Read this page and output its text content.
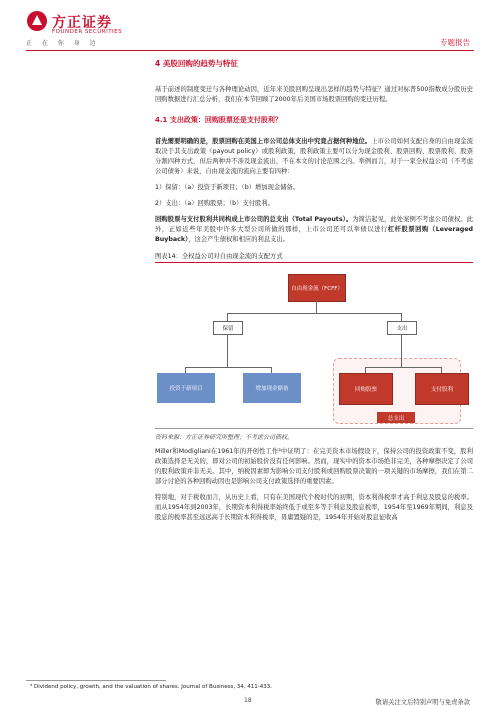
方正证券
FOUNDER SECURITIES
正 在 你 身 边	专题报告
4 美股回购的趋势与特征

基于前述的制度变迁与各种理论动因，近年来美股回购呈现出怎样的趋势与特征？通过对标普500指数成分股历史回购数据进行汇总分析，我们在本节回顾了2000年后美国市场股票回购的变迁历程。

4.1 支出政策：回购股票还是支付股利？

首先需要明确的是，股票回购在美国上市公司总体支出中究竟占据何种地位。上市公司如何支配自身的自由现金流取决于其支出政策（payout policy）或股利政策，股利政策主要可以分为现金股利、股票回购、股票股利、股票分割四种方式，但后两种并不涉及现金流出，不在本文的讨论范围之内。举例而言，对于一家全权益公司（不考虑公司债务）来说，自由现金流的流向主要有四种：

1）保留：（a）投资于新项目；（b）增加现金储备。

2）支出：（a）回购股票；（b）支付股利。

回购股票与支付股利共同构成上市公司的总支出（Total Payouts）。为简洁起见，此处案例不考虑公司债权。此外，正如近些年美股中许多大型公司所做的那样，上市公司还可以举债以进行杠杆股票回购（Leveraged Buyback），这会产生债权和相应的利息支出。

图表14：全权益公司对自由现金流的支配方式
自由现金流（FCFF）
保留	支出
投资于新项目	增加现金储备	回购股票	支付股利
总支出
资料来源：方正证券研究所整理；不考虑公司债权。

Miller和Modigliani在1961年的开创性工作³中证明了：在完美资本市场假设下，保持公司的投资政策不变，股利政策选择是无关的，即对公司的初始股价没有任何影响。然而，现实中的资本市场绝非完美，各种摩擦决定了公司的股利政策并非无关。其中，纳税因素即为影响公司支付股利或回购股票决策的一项关键的市场摩擦，我们在第二部分讨论的各种回购动因也是影响公司支付政策选择的重要因素。

特别地，对于税收而言，从历史上看，只有在美国现代个税时代的初期，资本利得税率才高于利息及股息的税率。而从1954年到2003年，长期资本利得税率始终低于或至多等于利息及股息税率，1954年至1969年期间，利息及股息的税率甚至远远高于长期资本利得税率，毋庸置疑的是，1954年开始对股息征收高

³ Dividend policy, growth, and the valuation of shares. Journal of Business, 34, 411-433.
18	敬请关注文后特别声明与免责条款
